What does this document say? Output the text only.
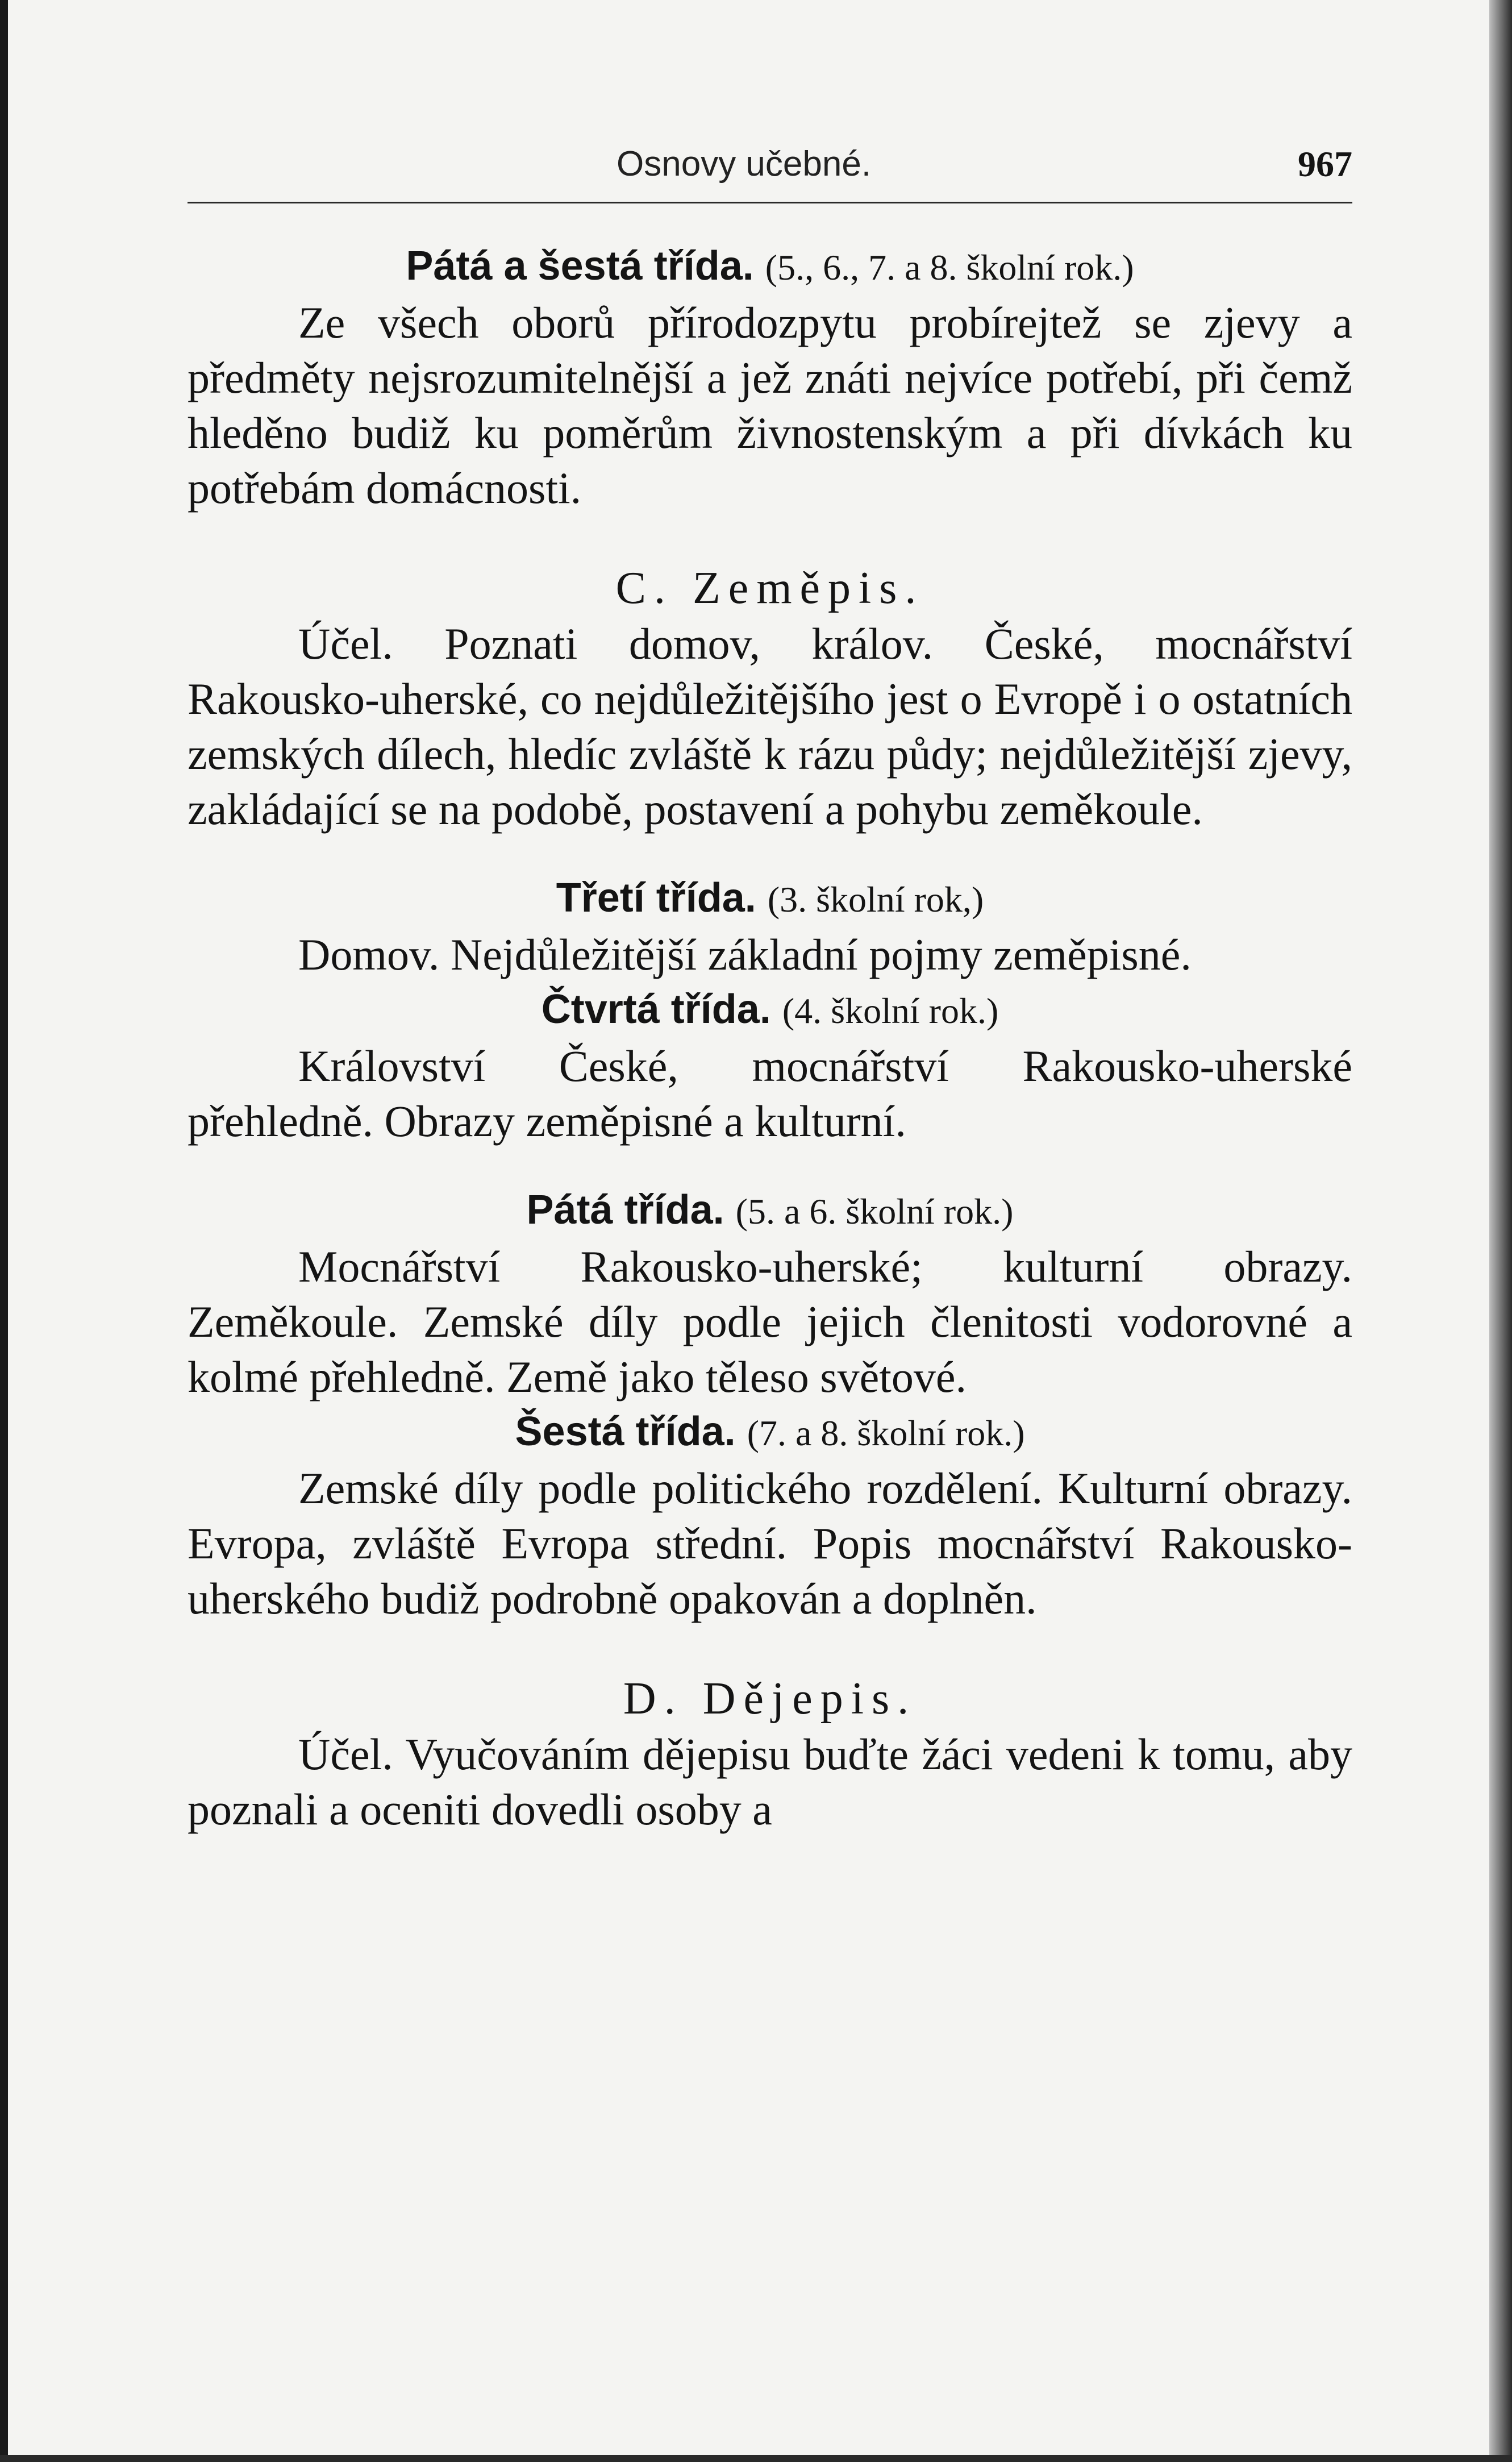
Osnovy učebné.	967
Pátá a šestá třída. (5., 6., 7. a 8. školní rok.)

Ze všech oborů přírodozpytu probírejtež se zjevy a předměty nejsrozumitelnější a jež znáti nejvíce potřebí, při čemž hleděno budiž ku poměrům živnostenským a při dívkách ku potřebám domácnosti.

C. Zeměpis.

Účel. Poznati domov, králov. České, mocnářství Rakousko-uherské, co nejdůležitějšího jest o Evropě i o ostatních zemských dílech, hledíc zvláště k rázu půdy; nejdůležitější zjevy, zakládající se na podobě, postavení a pohybu zeměkoule.

Třetí třída. (3. školní rok,)

Domov. Nejdůležitější základní pojmy zeměpisné.

Čtvrtá třída. (4. školní rok.)

Království České, mocnářství Rakousko-uherské přehledně. Obrazy zeměpisné a kulturní.

Pátá třída. (5. a 6. školní rok.)

Mocnářství Rakousko-uherské; kulturní obrazy. Zeměkoule. Zemské díly podle jejich členitosti vodorovné a kolmé přehledně. Země jako těleso světové.

Šestá třída. (7. a 8. školní rok.)

Zemské díly podle politického rozdělení. Kulturní obrazy. Evropa, zvláště Evropa střední. Popis mocnářství Rakousko-uherského budiž podrobně opakován a doplněn.

D. Dějepis.

Účel. Vyučováním dějepisu buďte žáci vedeni k tomu, aby poznali a oceniti dovedli osoby a
